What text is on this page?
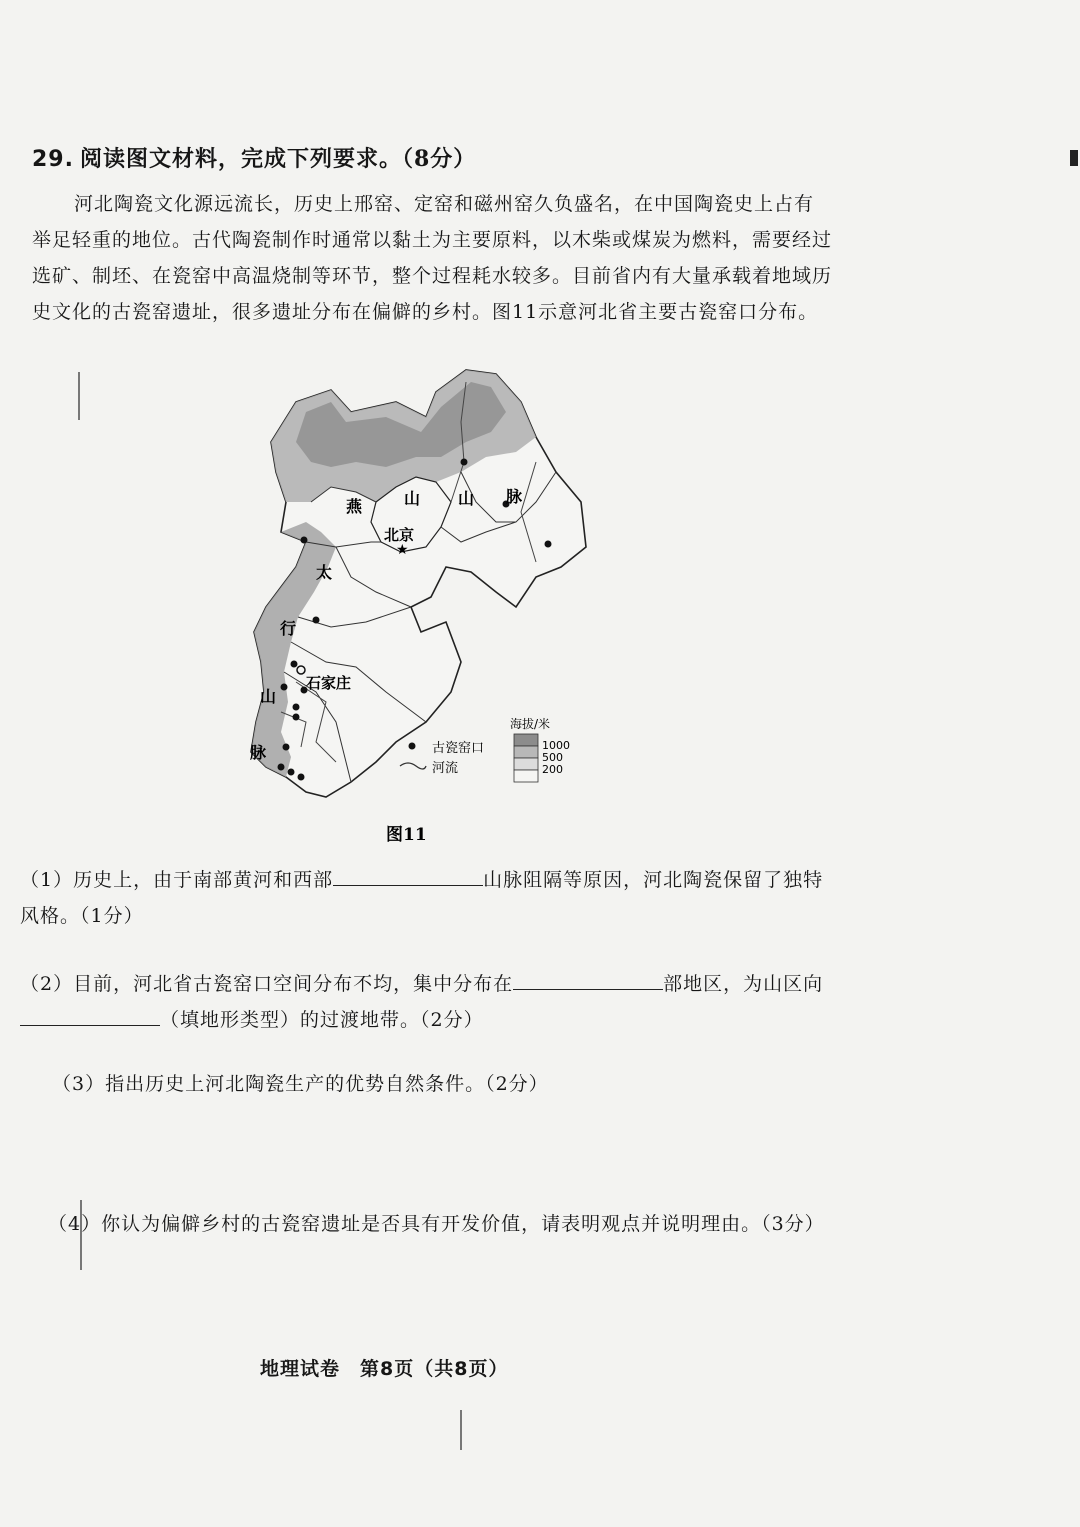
29. 阅读图文材料，完成下列要求。（8分）
河北陶瓷文化源远流长，历史上邢窑、定窑和磁州窑久负盛名，在中国陶瓷史上占有举足轻重的地位。古代陶瓷制作时通常以黏土为主要原料，以木柴或煤炭为燃料，需要经过选矿、制坯、在瓷窑中高温烧制等环节，整个过程耗水较多。目前省内有大量承载着地域历史文化的古瓷窑遗址，很多遗址分布在偏僻的乡村。图11示意河北省主要古瓷窑口分布。
★
北京
石家庄
燕	山 山 脉
太
行
山
脉	古瓷窑口
河流
海拔/米
1000
500
200
图11
（1）历史上，由于南部黄河和西部	山脉阻隔等原因，河北陶瓷保留了独特风格。（1分）
（2）目前，河北省古瓷窑口空间分布不均，集中分布在	部地区，为山区向（填地形类型）的过渡地带。（2分）
（3）指出历史上河北陶瓷生产的优势自然条件。（2分）
（4）你认为偏僻乡村的古瓷窑遗址是否具有开发价值，请表明观点并说明理由。（3分）
地理试卷　第8页（共8页）
